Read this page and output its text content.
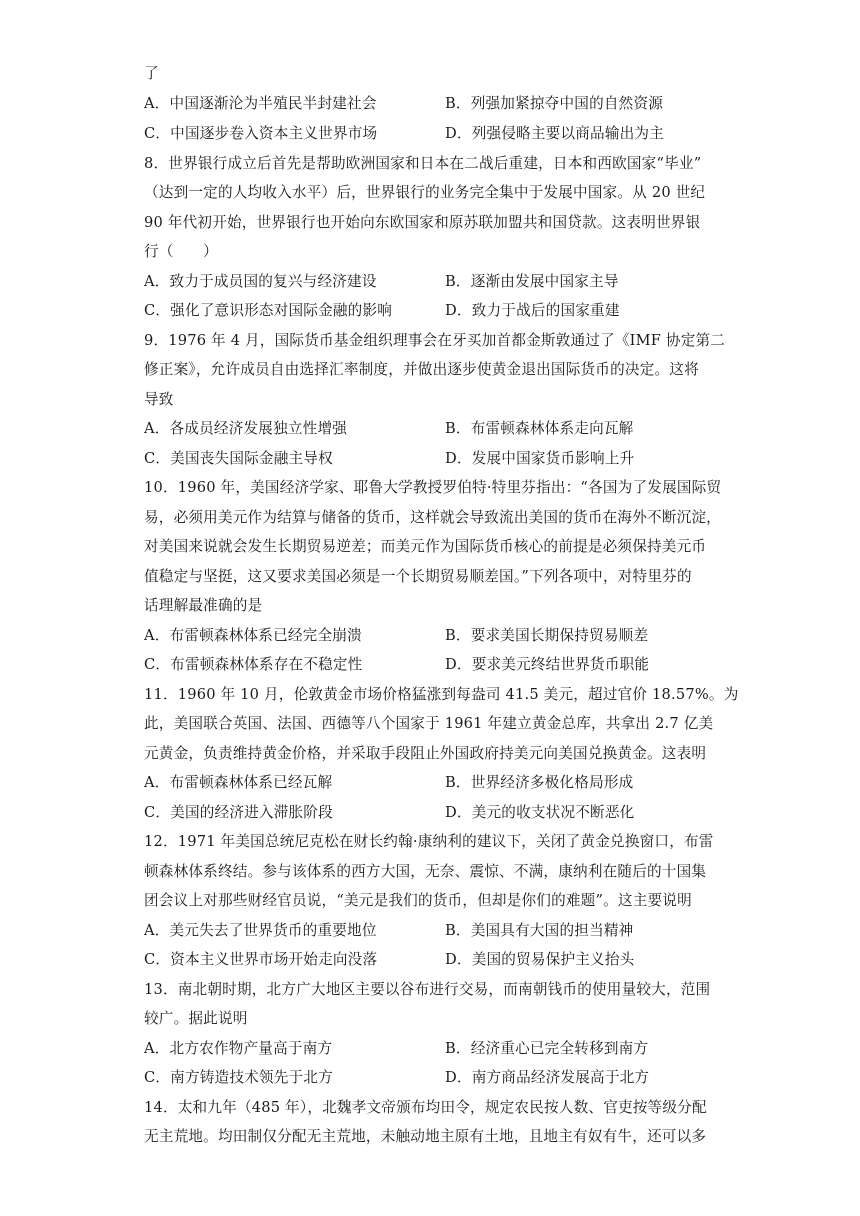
了
A．中国逐渐沦为半殖民半封建社会	B．列强加紧掠夺中国的自然资源
C．中国逐步卷入资本主义世界市场	D．列强侵略主要以商品输出为主
8．世界银行成立后首先是帮助欧洲国家和日本在二战后重建，日本和西欧国家“毕业”
（达到一定的人均收入水平）后，世界银行的业务完全集中于发展中国家。从 20 世纪
90 年代初开始，世界银行也开始向东欧国家和原苏联加盟共和国贷款。这表明世界银
行（　　）
A．致力于成员国的复兴与经济建设	B．逐渐由发展中国家主导
C．强化了意识形态对国际金融的影响	D．致力于战后的国家重建
9．1976 年 4 月，国际货币基金组织理事会在牙买加首都金斯敦通过了《IMF 协定第二
修正案》，允许成员自由选择汇率制度，并做出逐步使黄金退出国际货币的决定。这将
导致
A．各成员经济发展独立性增强	B．布雷顿森林体系走向瓦解
C．美国丧失国际金融主导权	D．发展中国家货币影响上升
10．1960 年，美国经济学家、耶鲁大学教授罗伯特·特里芬指出：“各国为了发展国际贸
易，必须用美元作为结算与储备的货币，这样就会导致流出美国的货币在海外不断沉淀，
对美国来说就会发生长期贸易逆差；而美元作为国际货币核心的前提是必须保持美元币
值稳定与坚挺，这又要求美国必须是一个长期贸易顺差国。”下列各项中，对特里芬的
话理解最准确的是
A．布雷顿森林体系已经完全崩溃	B．要求美国长期保持贸易顺差
C．布雷顿森林体系存在不稳定性	D．要求美元终结世界货币职能
11．1960 年 10 月，伦敦黄金市场价格猛涨到每盎司 41.5 美元，超过官价 18.57%。为
此，美国联合英国、法国、西德等八个国家于 1961 年建立黄金总库，共拿出 2.7 亿美
元黄金，负责维持黄金价格，并采取手段阻止外国政府持美元向美国兑换黄金。这表明
A．布雷顿森林体系已经瓦解	B．世界经济多极化格局形成
C．美国的经济进入滞胀阶段	D．美元的收支状况不断恶化
12．1971 年美国总统尼克松在财长约翰·康纳利的建议下，关闭了黄金兑换窗口，布雷
顿森林体系终结。参与该体系的西方大国，无奈、震惊、不满，康纳利在随后的十国集
团会议上对那些财经官员说，“美元是我们的货币，但却是你们的难题”。这主要说明
A．美元失去了世界货币的重要地位	B．美国具有大国的担当精神
C．资本主义世界市场开始走向没落	D．美国的贸易保护主义抬头
13．南北朝时期，北方广大地区主要以谷布进行交易，而南朝钱币的使用量较大，范围
较广。据此说明
A．北方农作物产量高于南方	B．经济重心已完全转移到南方
C．南方铸造技术领先于北方	D．南方商品经济发展高于北方
14．太和九年（485 年），北魏孝文帝颁布均田令，规定农民按人数、官吏按等级分配
无主荒地。均田制仅分配无主荒地，未触动地主原有土地，且地主有奴有牛，还可以多
